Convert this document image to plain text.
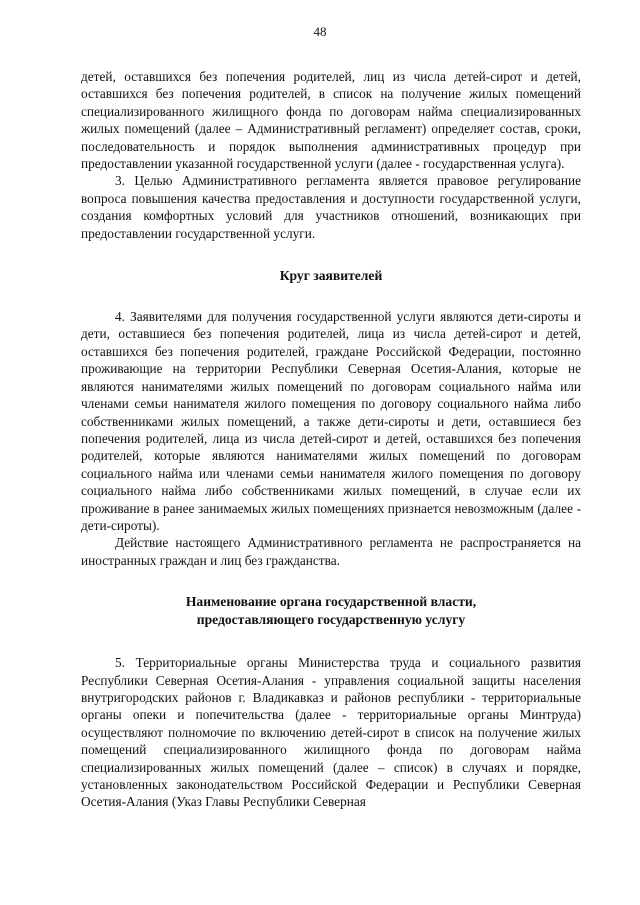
48

детей, оставшихся без попечения родителей, лиц из числа детей-сирот и детей, оставшихся без попечения родителей, в список на получение жилых помещений специализированного жилищного фонда по договорам найма специализированных жилых помещений (далее – Административный регламент) определяет состав, сроки, последовательность и порядок выполнения административных процедур при предоставлении указанной государственной услуги (далее - государственная услуга).

3. Целью Административного регламента является правовое регулирование вопроса повышения качества предоставления и доступности государственной услуги, создания комфортных условий для участников отношений, возникающих при предоставлении государственной услуги.

Круг заявителей

4. Заявителями для получения государственной услуги являются дети-сироты и дети, оставшиеся без попечения родителей, лица из числа детей-сирот и детей, оставшихся без попечения родителей, граждане Российской Федерации, постоянно проживающие на территории Республики Северная Осетия-Алания, которые не являются нанимателями жилых помещений по договорам социального найма или членами семьи нанимателя жилого помещения по договору социального найма либо собственниками жилых помещений, а также дети-сироты и дети, оставшиеся без попечения родителей, лица из числа детей-сирот и детей, оставшихся без попечения родителей, которые являются нанимателями жилых помещений по договорам социального найма или членами семьи нанимателя жилого помещения по договору социального найма либо собственниками жилых помещений, в случае если их проживание в ранее занимаемых жилых помещениях признается невозможным (далее - дети-сироты).

Действие настоящего Административного регламента не распространяется на иностранных граждан и лиц без гражданства.

Наименование органа государственной власти,
предоставляющего государственную услугу

5. Территориальные органы Министерства труда и социального развития Республики Северная Осетия-Алания - управления социальной защиты населения внутригородских районов г. Владикавказ и районов республики - территориальные органы опеки и попечительства (далее - территориальные органы Минтруда) осуществляют полномочие по включению детей-сирот в список на получение жилых помещений специализированного жилищного фонда по договорам найма специализированных жилых помещений (далее – список) в случаях и порядке, установленных законодательством Российской Федерации и Республики Северная Осетия-Алания (Указ Главы Республики Северная
